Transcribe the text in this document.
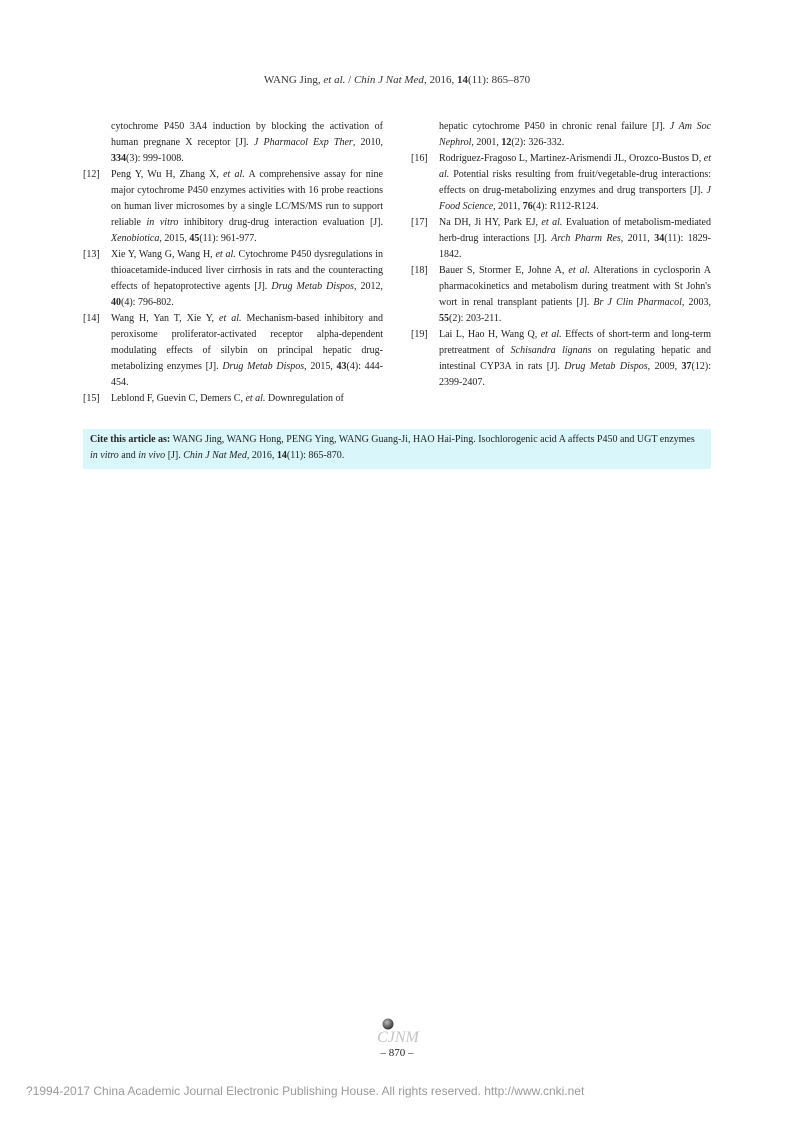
WANG Jing, et al. / Chin J Nat Med, 2016, 14(11): 865–870
cytochrome P450 3A4 induction by blocking the activation of human pregnane X receptor [J]. J Pharmacol Exp Ther, 2010, 334(3): 999-1008.
[12]	Peng Y, Wu H, Zhang X, et al. A comprehensive assay for nine major cytochrome P450 enzymes activities with 16 probe reactions on human liver microsomes by a single LC/MS/MS run to support reliable in vitro inhibitory drug-drug interaction evaluation [J]. Xenobiotica, 2015, 45(11): 961-977.
[13]	Xie Y, Wang G, Wang H, et al. Cytochrome P450 dysregulations in thioacetamide-induced liver cirrhosis in rats and the counteracting effects of hepatoprotective agents [J]. Drug Metab Dispos, 2012, 40(4): 796-802.
[14]	Wang H, Yan T, Xie Y, et al. Mechanism-based inhibitory and peroxisome proliferator-activated receptor alpha-dependent modulating effects of silybin on principal hepatic drug-metabolizing enzymes [J]. Drug Metab Dispos, 2015, 43(4): 444-454.
[15]	Leblond F, Guevin C, Demers C, et al. Downregulation of
hepatic cytochrome P450 in chronic renal failure [J]. J Am Soc Nephrol, 2001, 12(2): 326-332.
[16]	Rodríguez-Fragoso L, Martinez-Arismendi JL, Orozco-Bustos D, et al. Potential risks resulting from fruit/vegetable-drug interactions: effects on drug-metabolizing enzymes and drug transporters [J]. J Food Science, 2011, 76(4): R112-R124.
[17]	Na DH, Ji HY, Park EJ, et al. Evaluation of metabolism-mediated herb-drug interactions [J]. Arch Pharm Res, 2011, 34(11): 1829-1842.
[18]	Bauer S, Stormer E, Johne A, et al. Alterations in cyclosporin A pharmacokinetics and metabolism during treatment with St John's wort in renal transplant patients [J]. Br J Clin Pharmacol, 2003, 55(2): 203-211.
[19]	Lai L, Hao H, Wang Q, et al. Effects of short-term and long-term pretreatment of Schisandra lignans on regulating hepatic and intestinal CYP3A in rats [J]. Drug Metab Dispos, 2009, 37(12): 2399-2407.
Cite this article as: WANG Jing, WANG Hong, PENG Ying, WANG Guang-Ji, HAO Hai-Ping. Isochlorogenic acid A affects P450 and UGT enzymes in vitro and in vivo [J]. Chin J Nat Med, 2016, 14(11): 865-870.
CJNM
– 870 –
?1994-2017 China Academic Journal Electronic Publishing House. All rights reserved. http://www.cnki.net
